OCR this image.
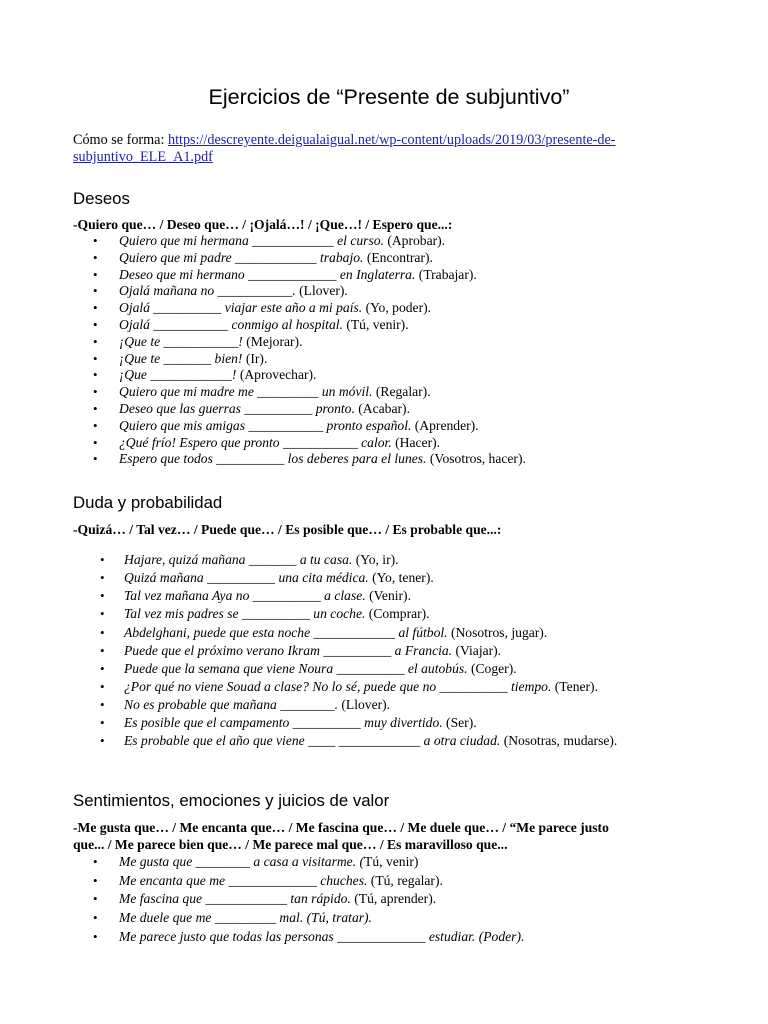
Ejercicios de “Presente de subjuntivo”
Cómo se forma: https://descreyente.deigualaigual.net/wp-content/uploads/2019/03/presente-de-
subjuntivo_ELE_A1.pdf
Deseos
-Quiero que… / Deseo que… / ¡Ojalá…! / ¡Que…! / Espero que...:
• Quiero que mi hermana ____________ el curso. (Aprobar).
• Quiero que mi padre ____________ trabajo. (Encontrar).
• Deseo que mi hermano _____________ en Inglaterra. (Trabajar).
• Ojalá mañana no ___________. (Llover).
• Ojalá __________ viajar este año a mi país. (Yo, poder).
• Ojalá ___________ conmigo al hospital. (Tú, venir).
• ¡Que te ___________! (Mejorar).
• ¡Que te _______ bien! (Ir).
• ¡Que ____________! (Aprovechar).
• Quiero que mi madre me _________ un móvil. (Regalar).
• Deseo que las guerras __________ pronto. (Acabar).
• Quiero que mis amigas ___________ pronto español. (Aprender).
• ¿Qué frío! Espero que pronto ___________ calor. (Hacer).
• Espero que todos __________ los deberes para el lunes. (Vosotros, hacer).
Duda y probabilidad
-Quizá… / Tal vez… / Puede que… / Es posible que… / Es probable que...:
• Hajare, quizá mañana _______ a tu casa. (Yo, ir).
• Quizá mañana __________ una cita médica. (Yo, tener).
• Tal vez mañana Aya no __________ a clase. (Venir).
• Tal vez mis padres se __________ un coche. (Comprar).
• Abdelghani, puede que esta noche ____________ al fútbol. (Nosotros, jugar).
• Puede que el próximo verano Ikram __________ a Francia. (Viajar).
• Puede que la semana que viene Noura __________ el autobús. (Coger).
• ¿Por qué no viene Souad a clase? No lo sé, puede que no __________ tiempo. (Tener).
• No es probable que mañana ________. (Llover).
• Es posible que el campamento __________ muy divertido. (Ser).
• Es probable que el año que viene ____ ____________ a otra ciudad. (Nosotras, mudarse).
Sentimientos, emociones y juicios de valor
-Me gusta que… / Me encanta que… / Me fascina que… / Me duele que… / “Me parece justo
que... / Me parece bien que… / Me parece mal que… / Es maravilloso que...
• Me gusta que ________ a casa a visitarme. (Tú, venir)
• Me encanta que me _____________ chuches. (Tú, regalar).
• Me fascina que ____________ tan rápido. (Tú, aprender).
• Me duele que me _________ mal. (Tú, tratar).
• Me parece justo que todas las personas _____________ estudiar. (Poder).
